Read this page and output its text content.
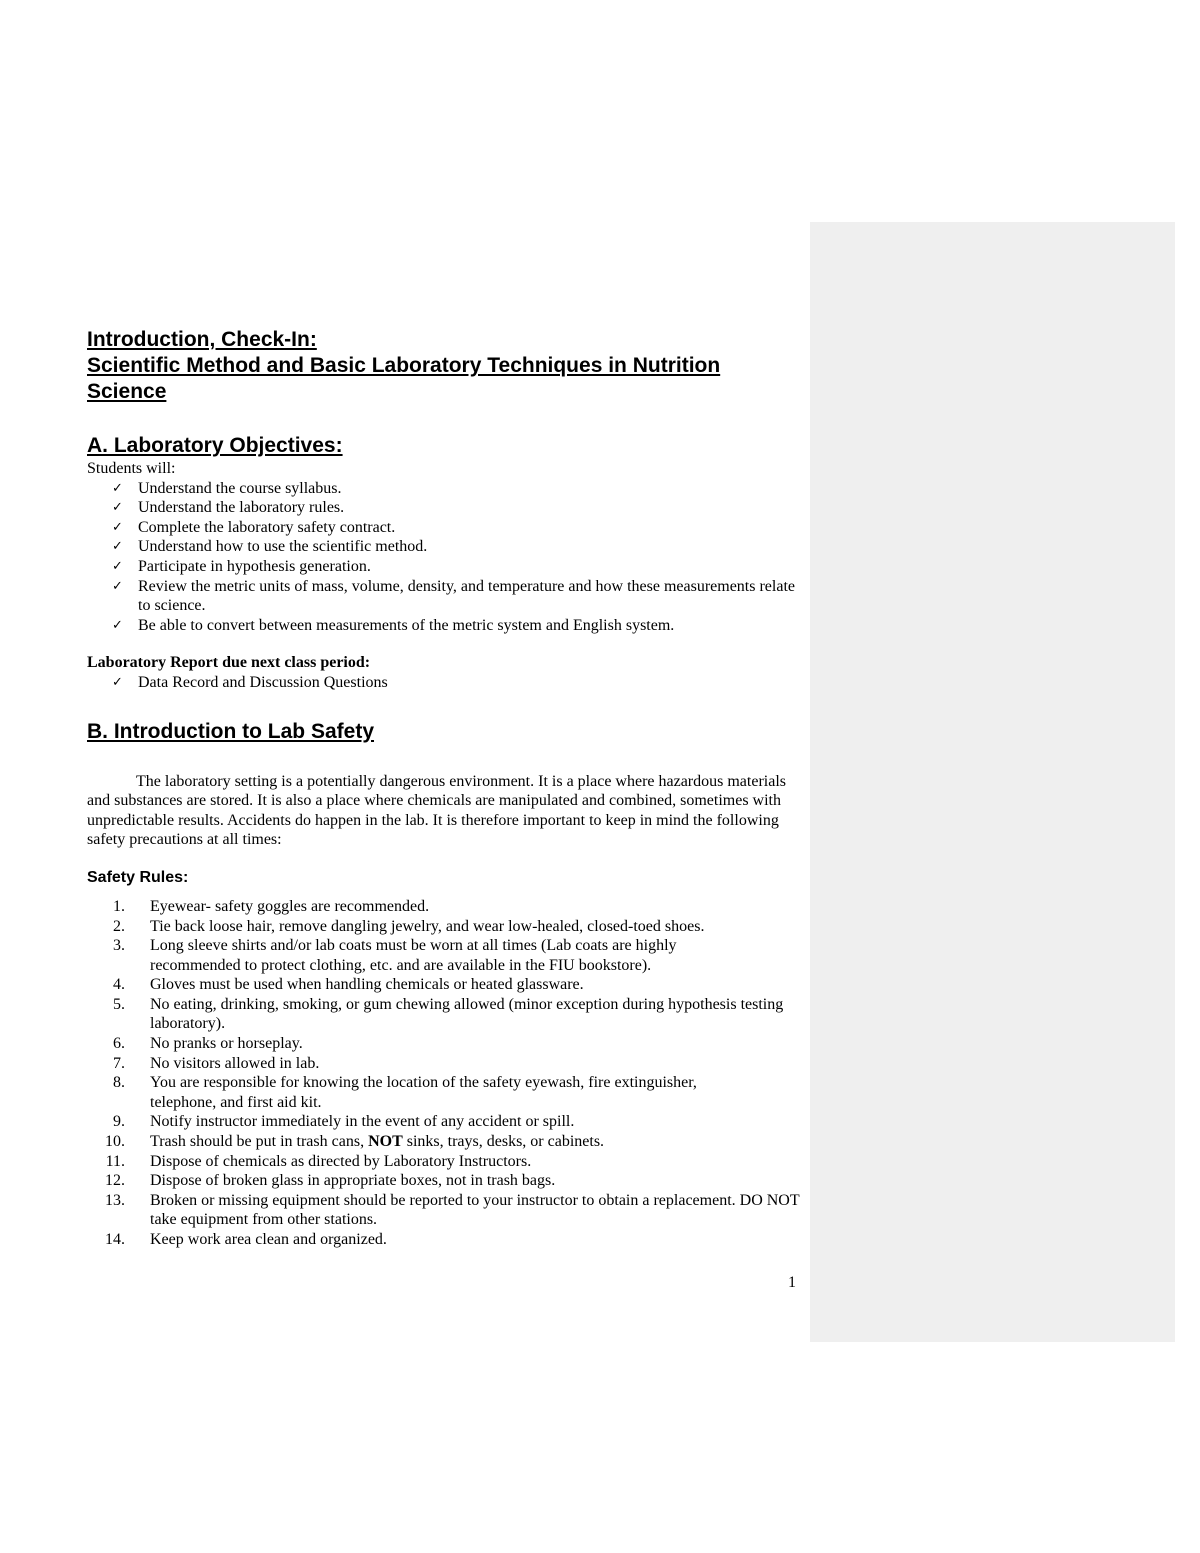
Introduction, Check-In:

Scientific Method and Basic Laboratory Techniques in Nutrition Science

A. Laboratory Objectives:

Students will:

✓ Understand the course syllabus.
✓ Understand the laboratory rules.
✓ Complete the laboratory safety contract.
✓ Understand how to use the scientific method.
✓ Participate in hypothesis generation.
✓ Review the metric units of mass, volume, density, and temperature and how these measurements relate to science.
✓ Be able to convert between measurements of the metric system and English system.

Laboratory Report due next class period:

✓ Data Record and Discussion Questions

B. Introduction to Lab Safety

The laboratory setting is a potentially dangerous environment. It is a place where hazardous materials and substances are stored. It is also a place where chemicals are manipulated and combined, sometimes with unpredictable results. Accidents do happen in the lab. It is therefore important to keep in mind the following safety precautions at all times:

Safety Rules:

1. Eyewear- safety goggles are recommended.
2. Tie back loose hair, remove dangling jewelry, and wear low-healed, closed-toed shoes.
3. Long sleeve shirts and/or lab coats must be worn at all times (Lab coats are highly recommended to protect clothing, etc. and are available in the FIU bookstore).
4. Gloves must be used when handling chemicals or heated glassware.
5. No eating, drinking, smoking, or gum chewing allowed (minor exception during hypothesis testing laboratory).
6. No pranks or horseplay.
7. No visitors allowed in lab.
8. You are responsible for knowing the location of the safety eyewash, fire extinguisher, telephone, and first aid kit.
9. Notify instructor immediately in the event of any accident or spill.
10. Trash should be put in trash cans, NOT sinks, trays, desks, or cabinets.
11. Dispose of chemicals as directed by Laboratory Instructors.
12. Dispose of broken glass in appropriate boxes, not in trash bags.
13. Broken or missing equipment should be reported to your instructor to obtain a replacement. DO NOT take equipment from other stations.
14. Keep work area clean and organized.
1
